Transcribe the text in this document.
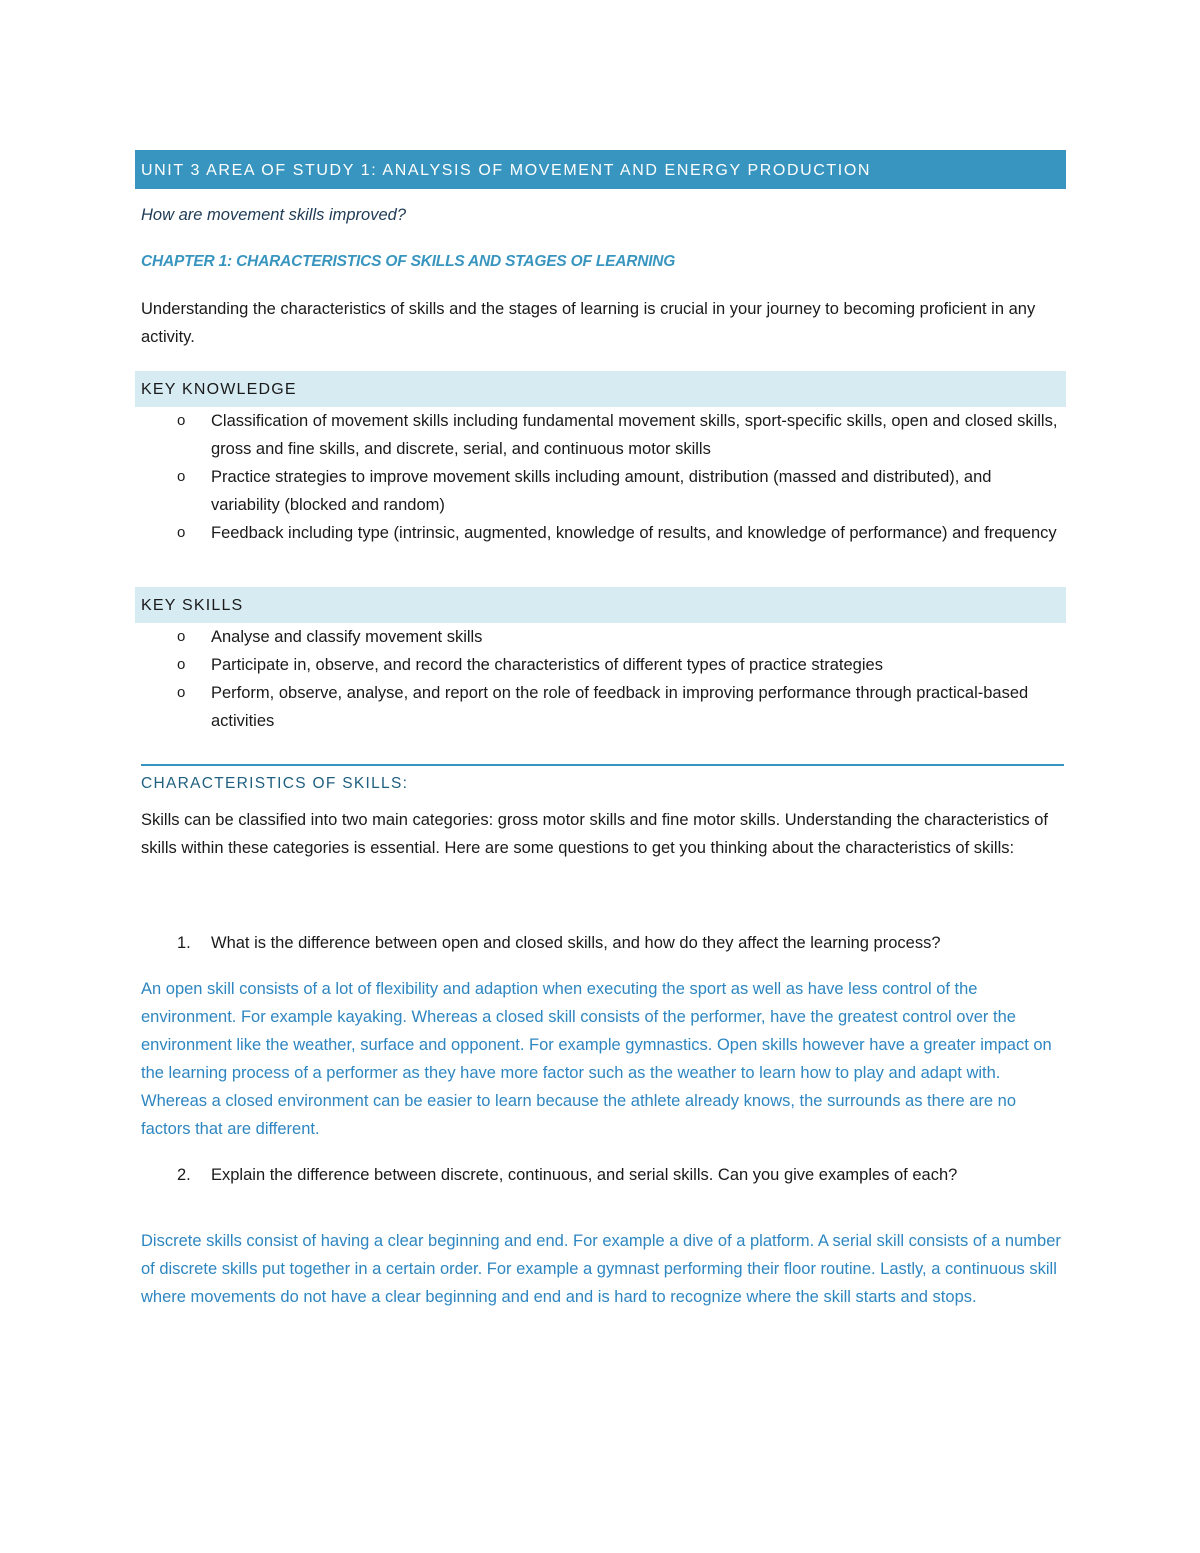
UNIT 3 AREA OF STUDY 1: ANALYSIS OF MOVEMENT AND ENERGY PRODUCTION
How are movement skills improved?
CHAPTER 1: CHARACTERISTICS OF SKILLS AND STAGES OF LEARNING
Understanding the characteristics of skills and the stages of learning is crucial in your journey to becoming proficient in any activity.
KEY KNOWLEDGE
o Classification of movement skills including fundamental movement skills, sport-specific skills, open and closed skills, gross and fine skills, and discrete, serial, and continuous motor skills
o Practice strategies to improve movement skills including amount, distribution (massed and distributed), and variability (blocked and random)
o Feedback including type (intrinsic, augmented, knowledge of results, and knowledge of performance) and frequency
KEY SKILLS
o Analyse and classify movement skills
o Participate in, observe, and record the characteristics of different types of practice strategies
o Perform, observe, analyse, and report on the role of feedback in improving performance through practical-based activities
CHARACTERISTICS OF SKILLS:
Skills can be classified into two main categories: gross motor skills and fine motor skills. Understanding the characteristics of skills within these categories is essential. Here are some questions to get you thinking about the characteristics of skills:
1. What is the difference between open and closed skills, and how do they affect the learning process?
An open skill consists of a lot of flexibility and adaption when executing the sport as well as have less control of the environment. For example kayaking. Whereas a closed skill consists of the performer, have the greatest control over the environment like the weather, surface and opponent. For example gymnastics. Open skills however have a greater impact on the learning process of a performer as they have more factor such as the weather to learn how to play and adapt with. Whereas a closed environment can be easier to learn because the athlete already knows, the surrounds as there are no factors that are different.
2. Explain the difference between discrete, continuous, and serial skills. Can you give examples of each?
Discrete skills consist of having a clear beginning and end. For example a dive of a platform. A serial skill consists of a number of discrete skills put together in a certain order. For example a gymnast performing their floor routine. Lastly, a continuous skill where movements do not have a clear beginning and end and is hard to recognize where the skill starts and stops.
